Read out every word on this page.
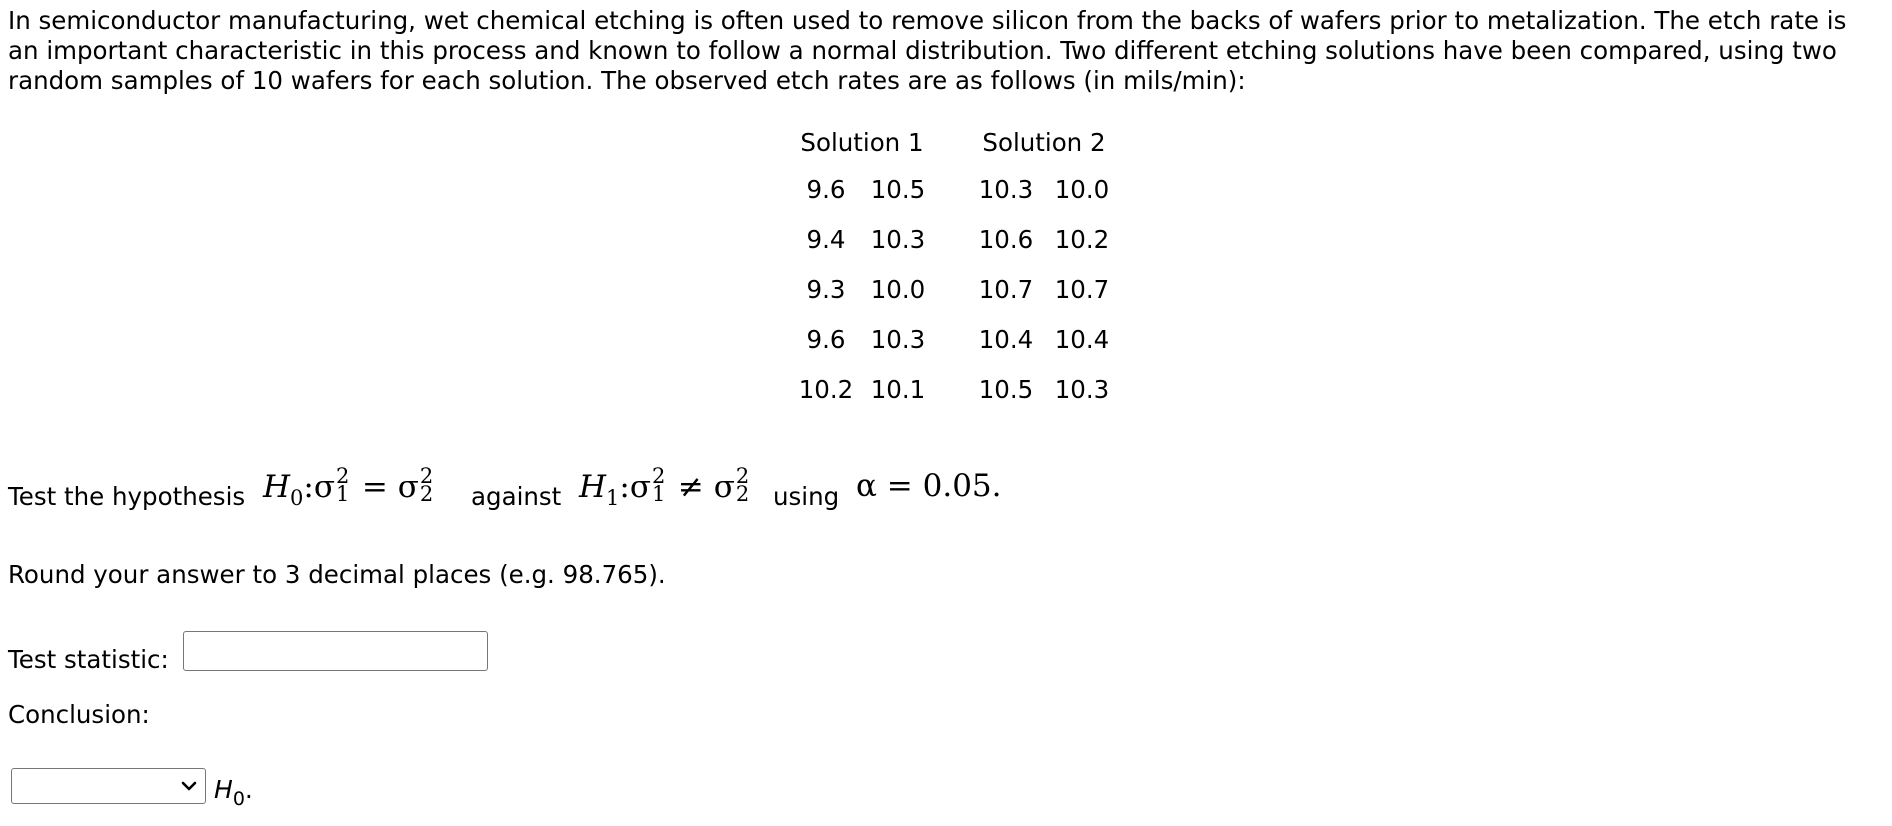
In semiconductor manufacturing, wet chemical etching is often used to remove silicon from the backs of wafers prior to metalization. The etch rate is an important characteristic in this process and known to follow a normal distribution. Two different etching solutions have been compared, using two random samples of 10 wafers for each solution. The observed etch rates are as follows (in mils/min):

Solution 1			Solution 2	
9.6	10.5		10.3	10.0
9.4	10.3		10.6	10.2
9.3	10.0		10.7	10.7
9.6	10.3		10.4	10.4
10.2	10.1		10.5	10.3
Test the hypothesis $H_0:\sigma$ 2
1 = σ 2
2 against $H_1:\sigma$ 2
1 ≠ σ 2
2 using α = 0.05.
Round your answer to 3 decimal places (e.g. 98.765).
Test statistic:
Conclusion:
$H_0$.
